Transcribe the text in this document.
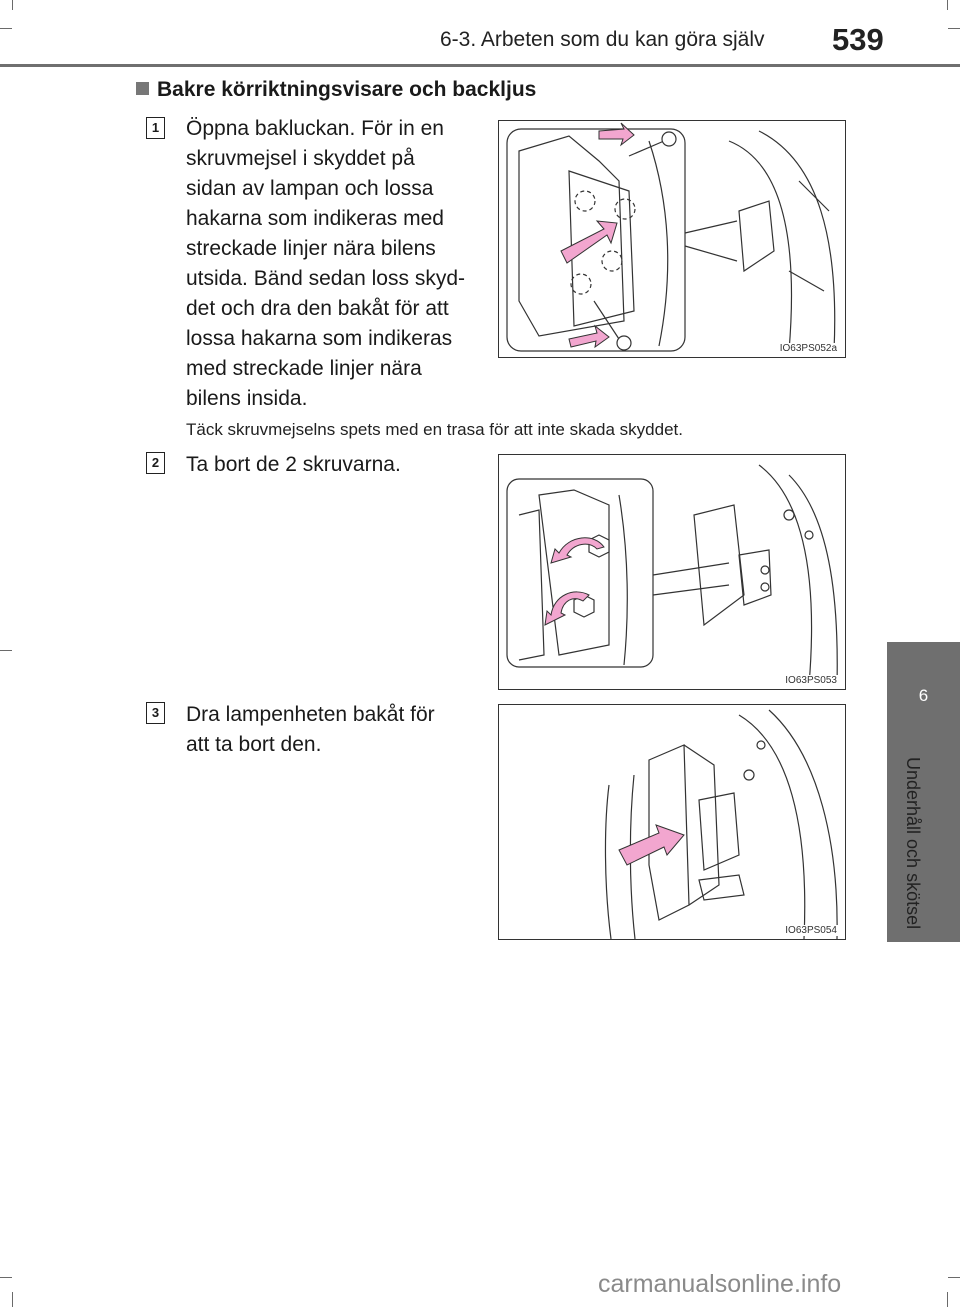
6-3. Arbeten som du kan göra själv 539
Bakre körriktningsvisare och backljus
1 Öppna bakluckan. För in en
skruvmejsel i skyddet på
sidan av lampan och lossa
hakarna som indikeras med
streckade linjer nära bilens
utsida. Bänd sedan loss skyd-
det och dra den bakåt för att
lossa hakarna som indikeras
med streckade linjer nära
bilens insida.
Täck skruvmejselns spets med en trasa för att inte skada skyddet.
IO63PS052a
2 Ta bort de 2 skruvarna.
IO63PS053
3 Dra lampenheten bakåt för
att ta bort den.
IO63PS054
6
Underhåll och skötsel
carmanualsonline.info
